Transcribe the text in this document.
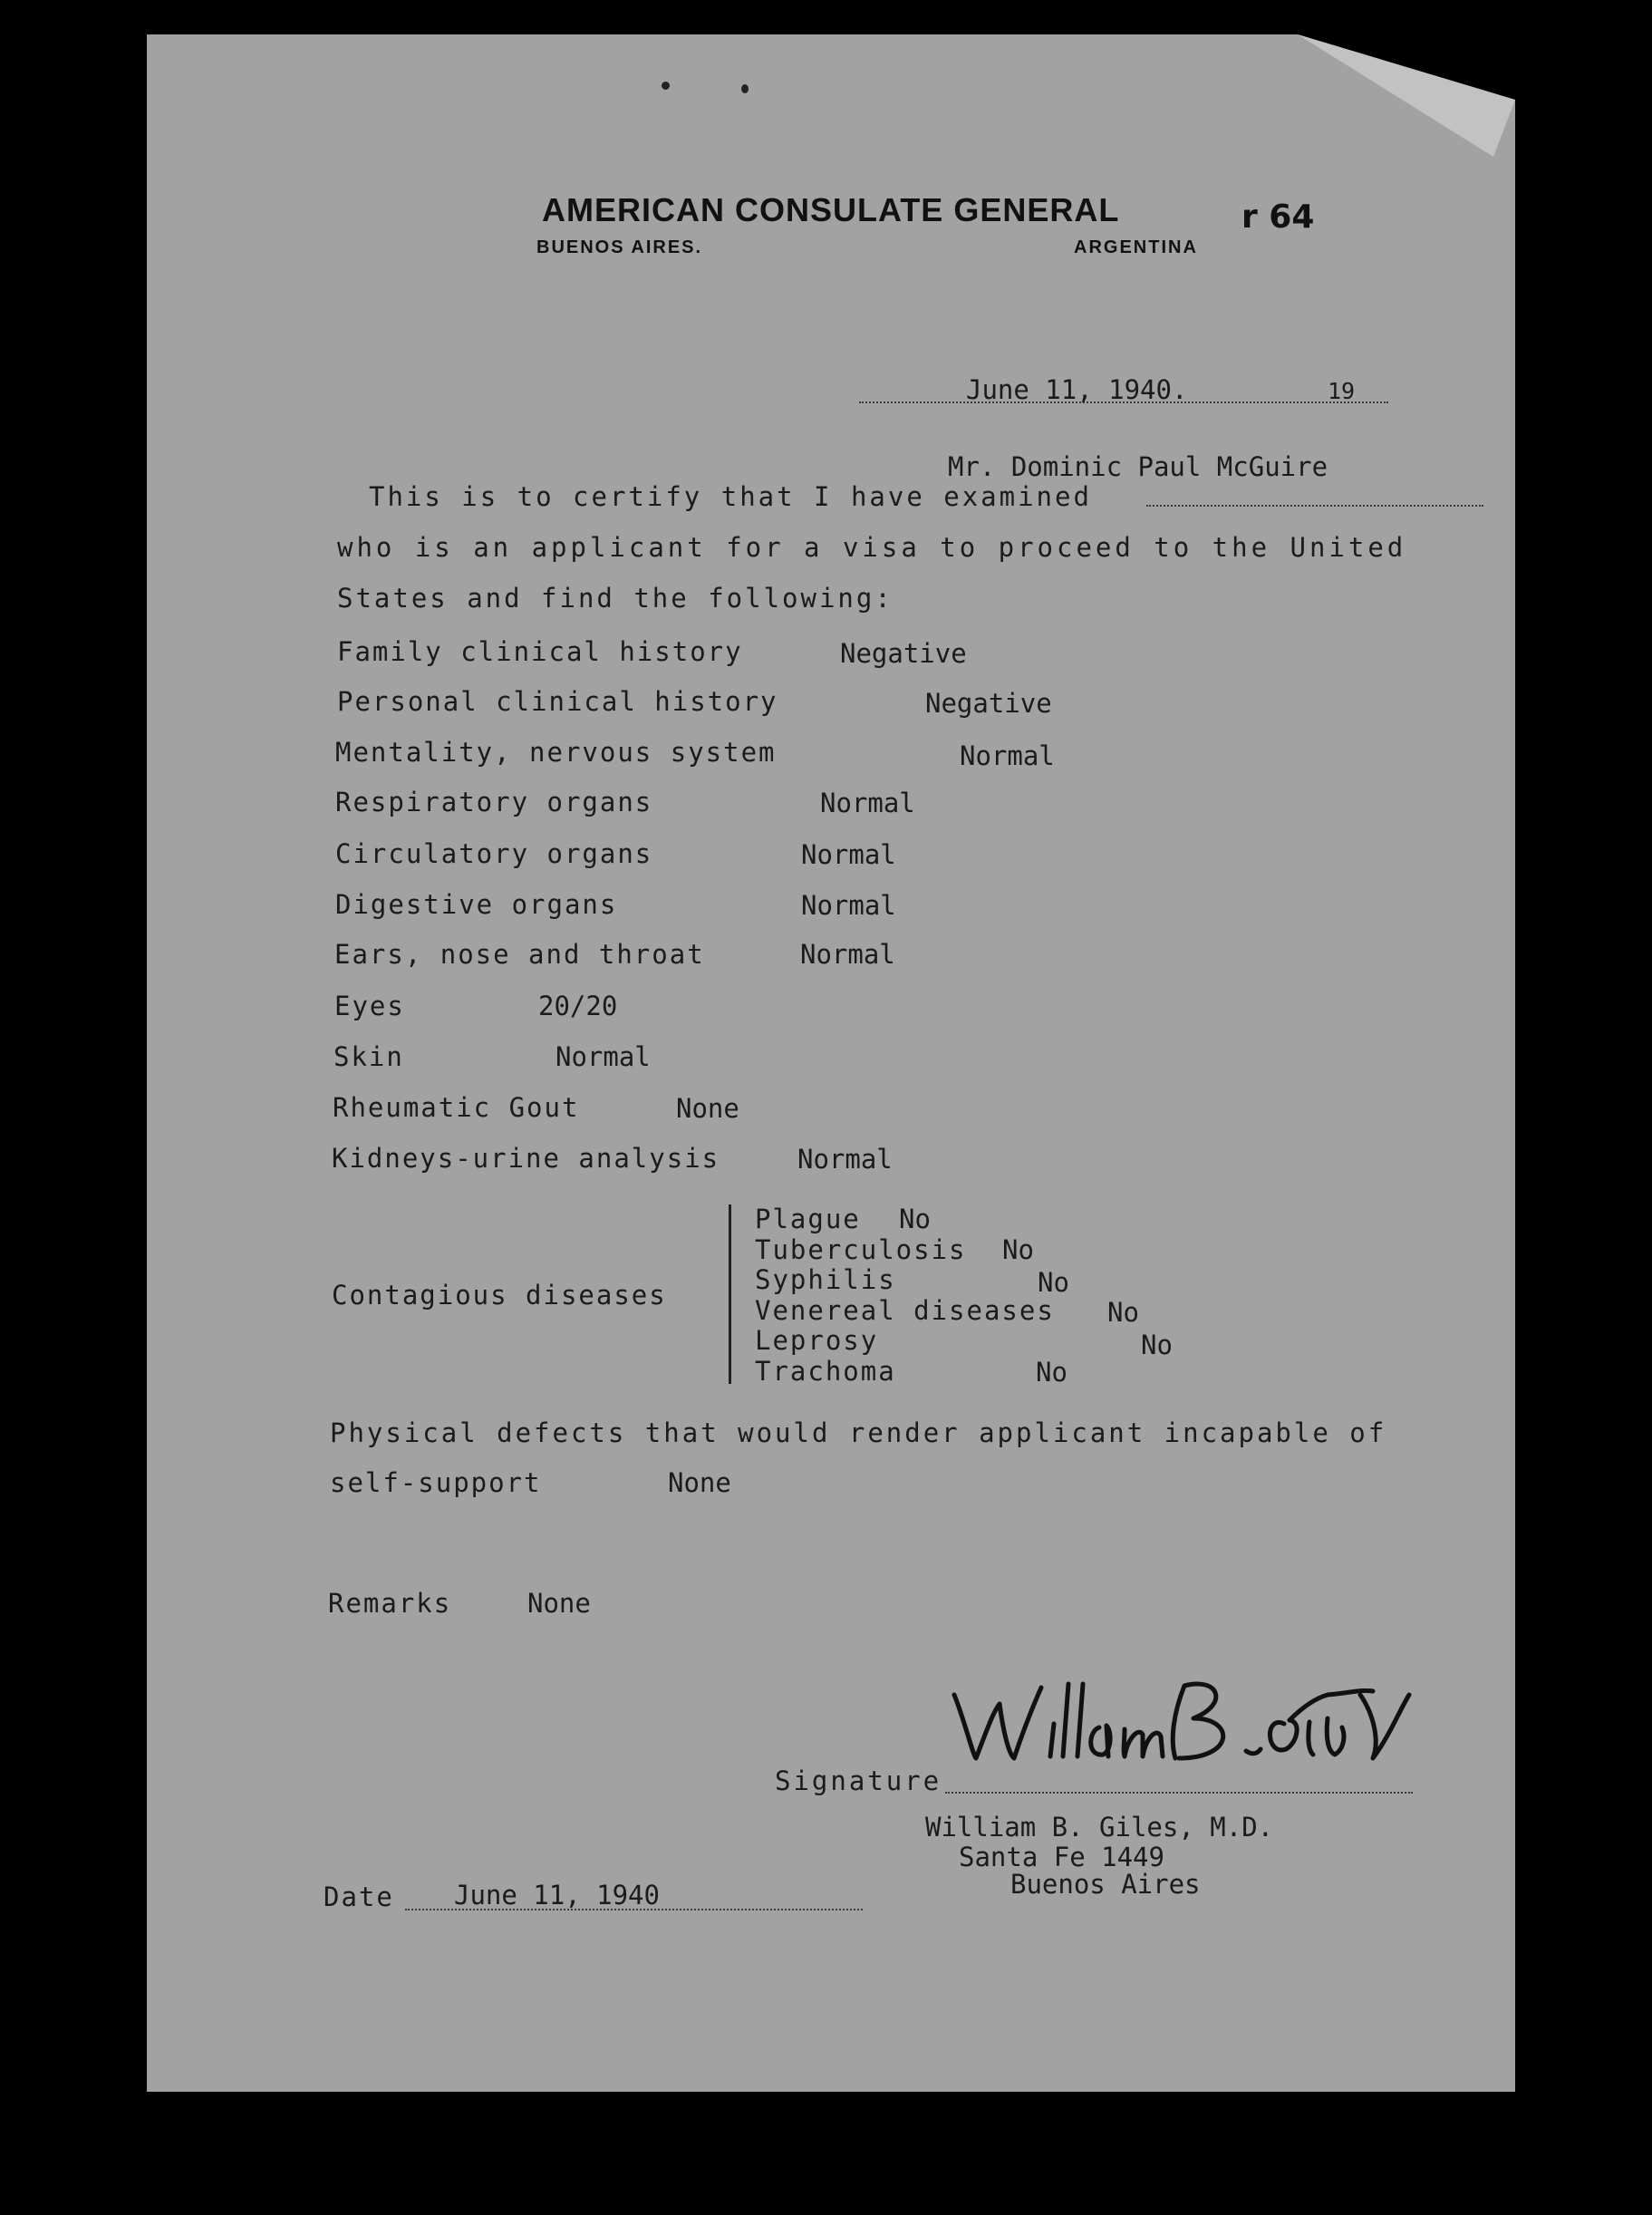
AMERICAN CONSULATE GENERAL	r 64
BUENOS AIRES.	ARGENTINA
June 11, 1940.	19
Mr. Dominic Paul McGuire
This is to certify that I have examined
who is an applicant for a visa to proceed to the United
States and find the following:
Family clinical history	Negative
Personal clinical history	Negative
Mentality, nervous system	Normal
Respiratory organs	Normal
Circulatory organs	Normal
Digestive organs	Normal
Ears, nose and throat	Normal
Eyes	20/20
Skin	Normal
Rheumatic Gout	None
Kidneys-urine analysis	Normal
Contagious diseases
Plague No
Tuberculosis No
Syphilis	No
Venereal diseases No
Leprosy	No
Trachoma	No
Physical defects that would render applicant incapable of
self-support	None
Remarks	None
Signature
William B. Giles, M.D.
Santa Fe 1449
Buenos Aires
Date June 11, 1940
